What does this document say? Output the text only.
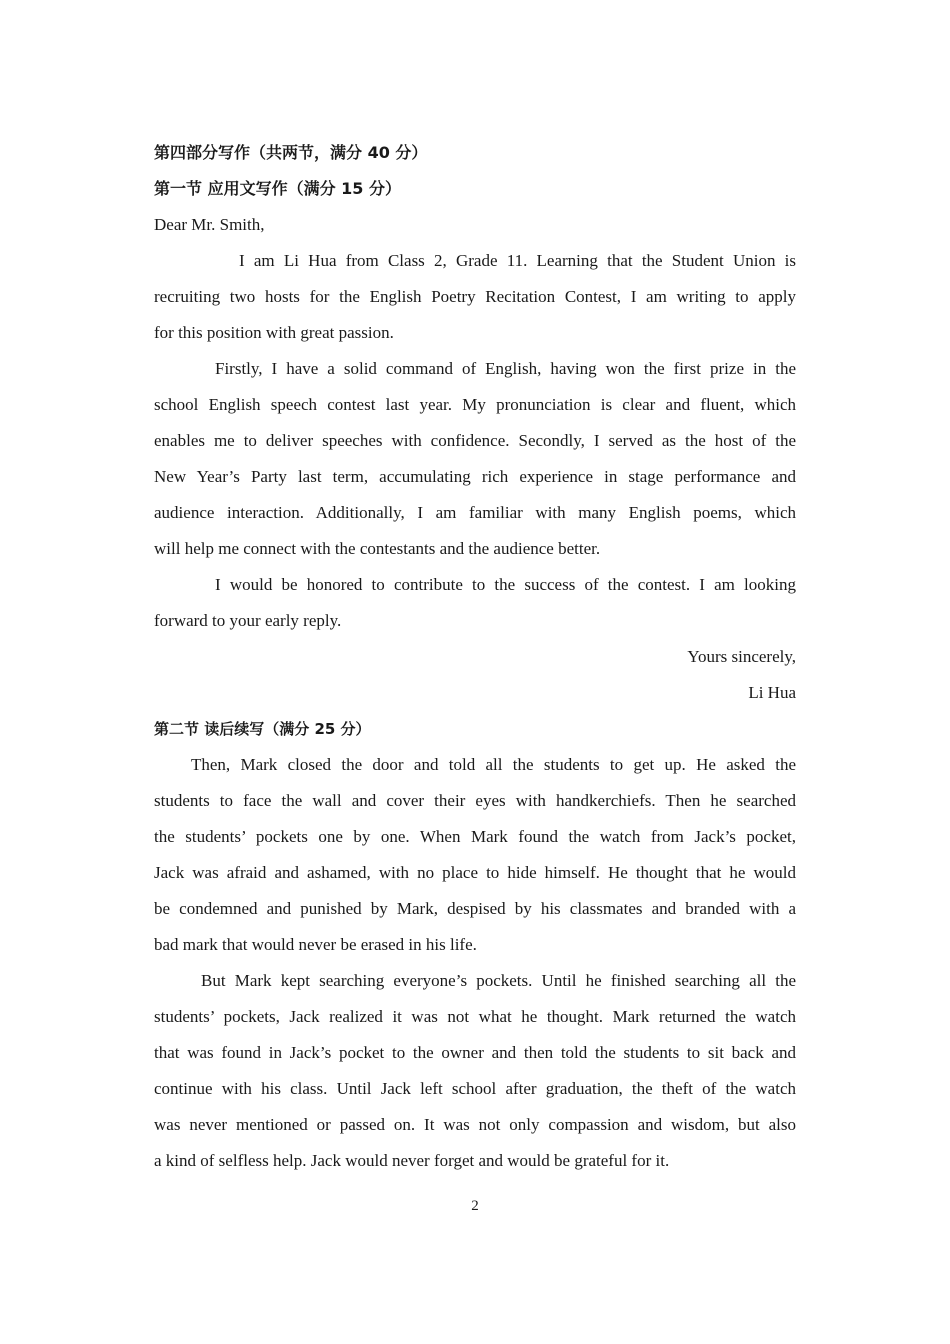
第四部分写作（共两节，满分 40 分）
第一节 应用文写作（满分 15 分）
Dear Mr. Smith,
I am Li Hua from Class 2, Grade 11. Learning that the Student Union is
recruiting two hosts for the English Poetry Recitation Contest, I am writing to apply
for this position with great passion.
Firstly, I have a solid command of English, having won the first prize in the
school English speech contest last year. My pronunciation is clear and fluent, which
enables me to deliver speeches with confidence. Secondly, I served as the host of the
New Year’s Party last term, accumulating rich experience in stage performance and
audience interaction. Additionally, I am familiar with many English poems, which
will help me connect with the contestants and the audience better.
I would be honored to contribute to the success of the contest. I am looking
forward to your early reply.
Yours sincerely,
Li Hua
第二节 读后续写（满分 25 分）
Then, Mark closed the door and told all the students to get up. He asked the
students to face the wall and cover their eyes with handkerchiefs. Then he searched
the students’ pockets one by one. When Mark found the watch from Jack’s pocket,
Jack was afraid and ashamed, with no place to hide himself. He thought that he would
be condemned and punished by Mark, despised by his classmates and branded with a
bad mark that would never be erased in his life.
But Mark kept searching everyone’s pockets. Until he finished searching all the
students’ pockets, Jack realized it was not what he thought. Mark returned the watch
that was found in Jack’s pocket to the owner and then told the students to sit back and
continue with his class. Until Jack left school after graduation, the theft of the watch
was never mentioned or passed on. It was not only compassion and wisdom, but also
a kind of selfless help. Jack would never forget and would be grateful for it.
2
